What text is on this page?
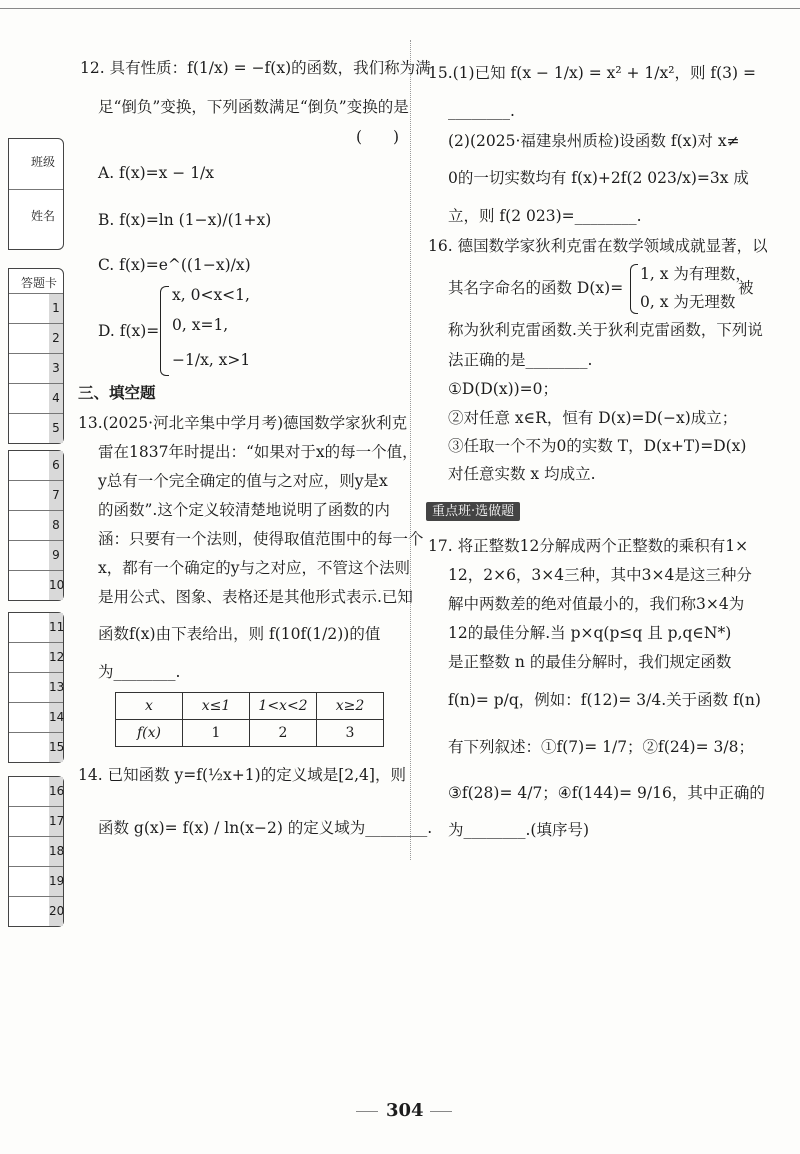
班级
姓名
答题卡
1
2
3
4
5
6
7
8
9
10
11
12
13
14
15
16
17
18
19
20
12. 具有性质：f(1/x) = −f(x)的函数，我们称为满
足“倒负”变换，下列函数满足“倒负”变换的是
(　　)
A. f(x)=x − 1/x
B. f(x)=ln (1−x)/(1+x)
C. f(x)=e^((1−x)/x)
D. f(x)=
x, 0<x<1,
0, x=1,
−1/x, x>1
三、填空题
13.(2025·河北辛集中学月考)德国数学家狄利克
雷在1837年时提出：“如果对于x的每一个值，
y总有一个完全确定的值与之对应，则y是x
的函数”.这个定义较清楚地说明了函数的内
涵：只要有一个法则，使得取值范围中的每一个
x，都有一个确定的y与之对应，不管这个法则
是用公式、图象、表格还是其他形式表示.已知
函数f(x)由下表给出，则 f(10f(1/2))的值
为________.
x	x≤1	1<x<2	x≥2
f(x)	1	2	3
14. 已知函数 y=f(½x+1)的定义域是[2,4]，则
函数 g(x)= f(x) / ln(x−2) 的定义域为________.
15.(1)已知 f(x − 1/x) = x² + 1/x²，则 f(3) =
________.
(2)(2025·福建泉州质检)设函数 f(x)对 x≠
0的一切实数均有 f(x)+2f(2 023/x)=3x 成
立，则 f(2 023)=________.
16. 德国数学家狄利克雷在数学领域成就显著，以
其名字命名的函数 D(x)=
1, x 为有理数，
0, x 为无理数
被
称为狄利克雷函数.关于狄利克雷函数，下列说
法正确的是________.
①D(D(x))=0；
②对任意 x∈R，恒有 D(x)=D(−x)成立；
③任取一个不为0的实数 T，D(x+T)=D(x)
对任意实数 x 均成立.
重点班·选做题
17. 将正整数12分解成两个正整数的乘积有1×
12，2×6，3×4三种，其中3×4是这三种分
解中两数差的绝对值最小的，我们称3×4为
12的最佳分解.当 p×q(p≤q 且 p,q∈N*)
是正整数 n 的最佳分解时，我们规定函数
f(n)= p/q，例如：f(12)= 3/4.关于函数 f(n)
有下列叙述：①f(7)= 1/7；②f(24)= 3/8；
③f(28)= 4/7；④f(144)= 9/16，其中正确的
为________.(填序号)
304
